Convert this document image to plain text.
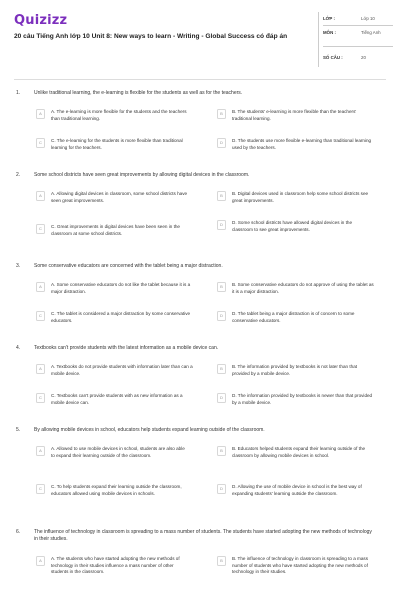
Quizizz
20 câu Tiếng Anh lớp 10 Unit 8: New ways to learn - Writing - Global Success có đáp án
LỚP :	Lớp 10
MÔN :	Tiếng Anh
SỐ CÂU :	20
1.	Unlike traditional learning, the e-learning is flexible for the students as well as for the teachers.
A	A. The e-learning is more flexible for the students and the teachers than traditional learning.
B	B. The students' e-learning is more flexible than the teachers' traditional learning.
C	C. The e-learning for the students is more flexible than traditional learning for the teachers.
D	D. The students use more flexible e-learning than traditional learning used by the teachers.
2.	Some school districts have seen great improvements by allowing digital devices in the classroom.
A	A. Allowing digital devices in classroom, some school districts have seen great improvements.
B	B. Digital devices used in classroom help some school districts see great improvements.
C	C. Great improvements in digital devices have been seen in the classroom at some school districts.
D	D. Some school districts have allowed digital devices in the classroom to see great improvements.
3.	Some conservative educators are concerned with the tablet being a major distraction.
A	A. Some conservative educators do not like the tablet because it is a major distraction.
B	B. Some conservative educators do not approve of using the tablet as it is a major distraction.
C	C. The tablet is considered a major distraction by some conservative educators.
D	D. The tablet being a major distraction is of concern to some conservative educators.
4.	Textbooks can't provide students with the latest information as a mobile device can.
A	A. Textbooks do not provide students with information later than can a mobile device.
B	B. The information provided by textbooks is not later than that provided by a mobile device.
C	C. Textbooks can't provide students with as new information as a mobile device can.
D	D. The information provided by textbooks is newer than that provided by a mobile device.
5.	By allowing mobile devices in school, educators help students expand learning outside of the classroom.
A	A. Allowed to use mobile devices in school, students are also able to expand their learning outside of the classroom.
B	B. Educators helped students expand their learning outside of the classroom by allowing mobile devices in school.
C	C. To help students expand their learning outside the classroom, educators allowed using mobile devices in schools.
D	D. Allowing the use of mobile device in school is the best way of expanding students' learning outside the classroom.
6.	The influence of technology in classroom is spreading to a mass number of students. The students have started adopting the new methods of technology in their studies.
A	A. The students who have started adopting the new methods of technology in their studies influence a mass number of other students in the classroom.
B	B. The influence of technology in classroom is spreading to a mass number of students who have started adopting the new methods of technology in their studies.
